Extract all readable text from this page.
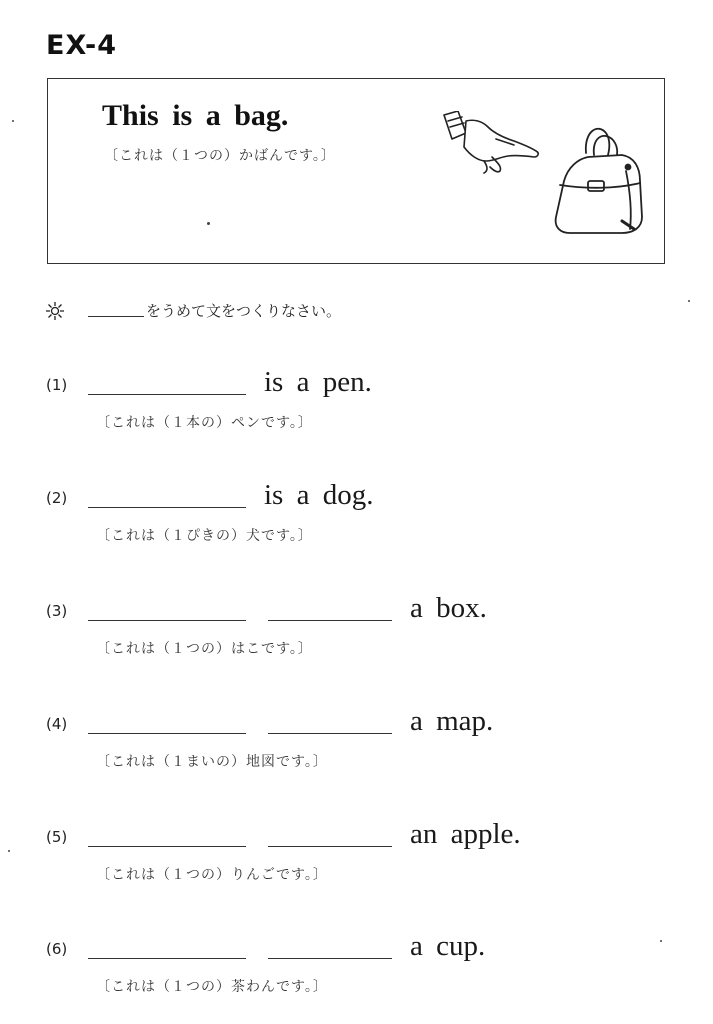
EX-4
This is a bag.
〔これは（１つの）かばんです。〕
をうめて文をつくりなさい。
(1)	is a pen.
〔これは（１本の）ペンです。〕
(2)	is a dog.
〔これは（１ぴきの）犬です。〕
(3)	a box.
〔これは（１つの）はこです。〕
(4)	a map.
〔これは（１まいの）地図です。〕
(5)	an apple.
〔これは（１つの）りんごです。〕
(6)	a cup.
〔これは（１つの）茶わんです。〕
